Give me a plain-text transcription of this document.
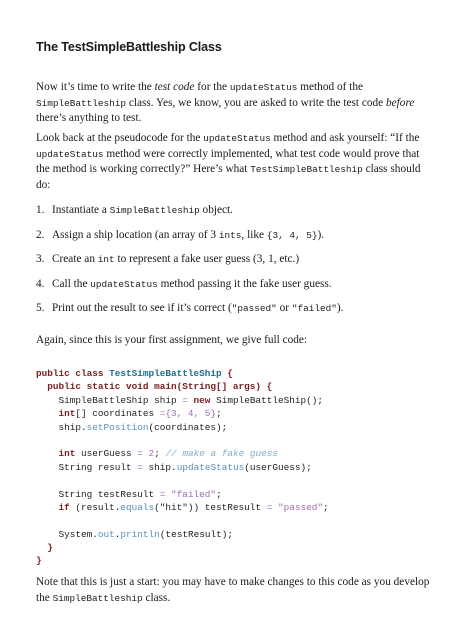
The TestSimpleBattleship Class

Now it’s time to write the test code for the updateStatus method of the SimpleBattleship class. Yes, we know, you are asked to write the test code before there’s anything to test.

Look back at the pseudocode for the updateStatus method and ask yourself: “If the updateStatus method were correctly implemented, what test code would prove that the method is working correctly?” Here’s what TestSimpleBattleship class should do:

1. Instantiate a SimpleBattleship object.
2. Assign a ship location (an array of 3 ints, like {3, 4, 5}).
3. Create an int to represent a fake user guess (3, 1, etc.)
4. Call the updateStatus method passing it the fake user guess.
5. Print out the result to see if it’s correct ("passed" or "failed").

Again, since this is your first assignment, we give full code:

public class TestSimpleBattleShip {
public static void main(String[] args) {
SimpleBattleShip ship = new SimpleBattleShip();
int[] coordinates ={3, 4, 5};
ship.setPosition(coordinates);

int userGuess = 2; // make a fake guess
String result = ship.updateStatus(userGuess);

String testResult = "failed";
if (result.equals("hit")) testResult = "passed";

System.out.println(testResult);
}
}

Note that this is just a start: you may have to make changes to this code as you develop the SimpleBattleship class.
